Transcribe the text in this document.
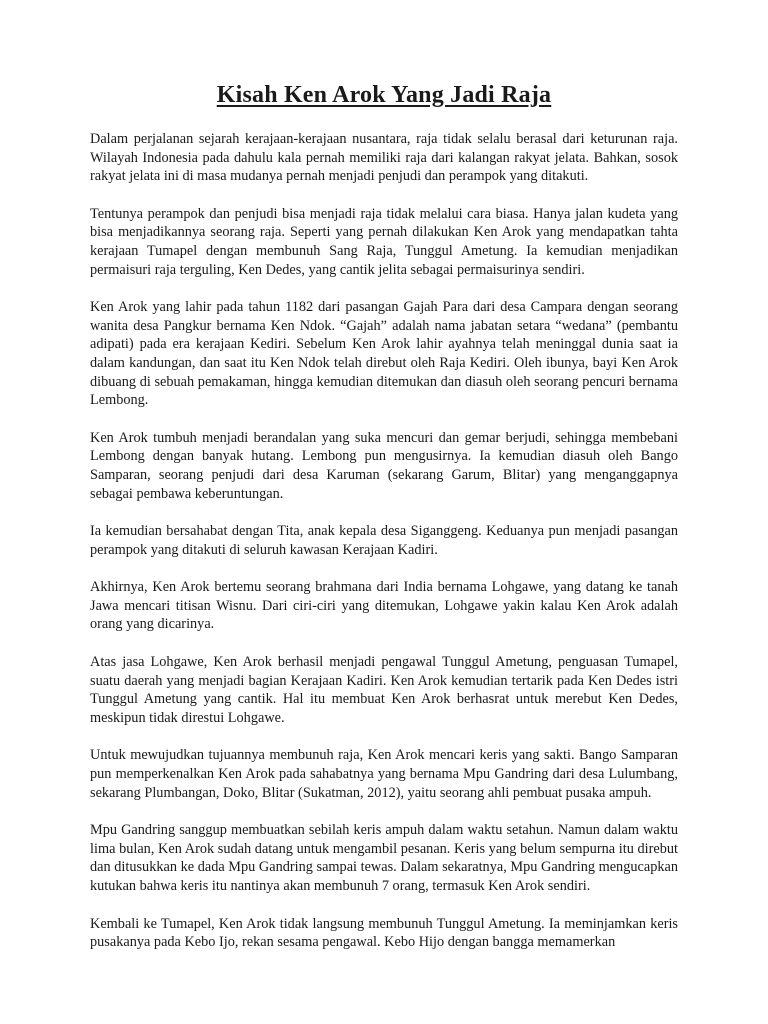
Kisah Ken Arok Yang Jadi Raja

Dalam perjalanan sejarah kerajaan-kerajaan nusantara, raja tidak selalu berasal dari keturunan raja. Wilayah Indonesia pada dahulu kala pernah memiliki raja dari kalangan rakyat jelata. Bahkan, sosok rakyat jelata ini di masa mudanya pernah menjadi penjudi dan perampok yang ditakuti.

Tentunya perampok dan penjudi bisa menjadi raja tidak melalui cara biasa. Hanya jalan kudeta yang bisa menjadikannya seorang raja. Seperti yang pernah dilakukan Ken Arok yang mendapatkan tahta kerajaan Tumapel dengan membunuh Sang Raja, Tunggul Ametung. Ia kemudian menjadikan permaisuri raja terguling, Ken Dedes, yang cantik jelita sebagai permaisurinya sendiri.

Ken Arok yang lahir pada tahun 1182 dari pasangan Gajah Para dari desa Campara dengan seorang wanita desa Pangkur bernama Ken Ndok. “Gajah” adalah nama jabatan setara “wedana” (pembantu adipati) pada era kerajaan Kediri. Sebelum Ken Arok lahir ayahnya telah meninggal dunia saat ia dalam kandungan, dan saat itu Ken Ndok telah direbut oleh Raja Kediri. Oleh ibunya, bayi Ken Arok dibuang di sebuah pemakaman, hingga kemudian ditemukan dan diasuh oleh seorang pencuri bernama Lembong.

Ken Arok tumbuh menjadi berandalan yang suka mencuri dan gemar berjudi, sehingga membebani Lembong dengan banyak hutang. Lembong pun mengusirnya. Ia kemudian diasuh oleh Bango Samparan, seorang penjudi dari desa Karuman (sekarang Garum, Blitar) yang menganggapnya sebagai pembawa keberuntungan.

Ia kemudian bersahabat dengan Tita, anak kepala desa Siganggeng. Keduanya pun menjadi pasangan perampok yang ditakuti di seluruh kawasan Kerajaan Kadiri.

Akhirnya, Ken Arok bertemu seorang brahmana dari India bernama Lohgawe, yang datang ke tanah Jawa mencari titisan Wisnu. Dari ciri-ciri yang ditemukan, Lohgawe yakin kalau Ken Arok adalah orang yang dicarinya.

Atas jasa Lohgawe, Ken Arok berhasil menjadi pengawal Tunggul Ametung, penguasan Tumapel, suatu daerah yang menjadi bagian Kerajaan Kadiri. Ken Arok kemudian tertarik pada Ken Dedes istri Tunggul Ametung yang cantik. Hal itu membuat Ken Arok berhasrat untuk merebut Ken Dedes, meskipun tidak direstui Lohgawe.

Untuk mewujudkan tujuannya membunuh raja, Ken Arok mencari keris yang sakti. Bango Samparan pun memperkenalkan Ken Arok pada sahabatnya yang bernama Mpu Gandring dari desa Lulumbang, sekarang Plumbangan, Doko, Blitar (Sukatman, 2012), yaitu seorang ahli pembuat pusaka ampuh.

Mpu Gandring sanggup membuatkan sebilah keris ampuh dalam waktu setahun. Namun dalam waktu lima bulan, Ken Arok sudah datang untuk mengambil pesanan. Keris yang belum sempurna itu direbut dan ditusukkan ke dada Mpu Gandring sampai tewas. Dalam sekaratnya, Mpu Gandring mengucapkan kutukan bahwa keris itu nantinya akan membunuh 7 orang, termasuk Ken Arok sendiri.

Kembali ke Tumapel, Ken Arok tidak langsung membunuh Tunggul Ametung. Ia meminjamkan keris pusakanya pada Kebo Ijo, rekan sesama pengawal. Kebo Hijo dengan bangga memamerkan
